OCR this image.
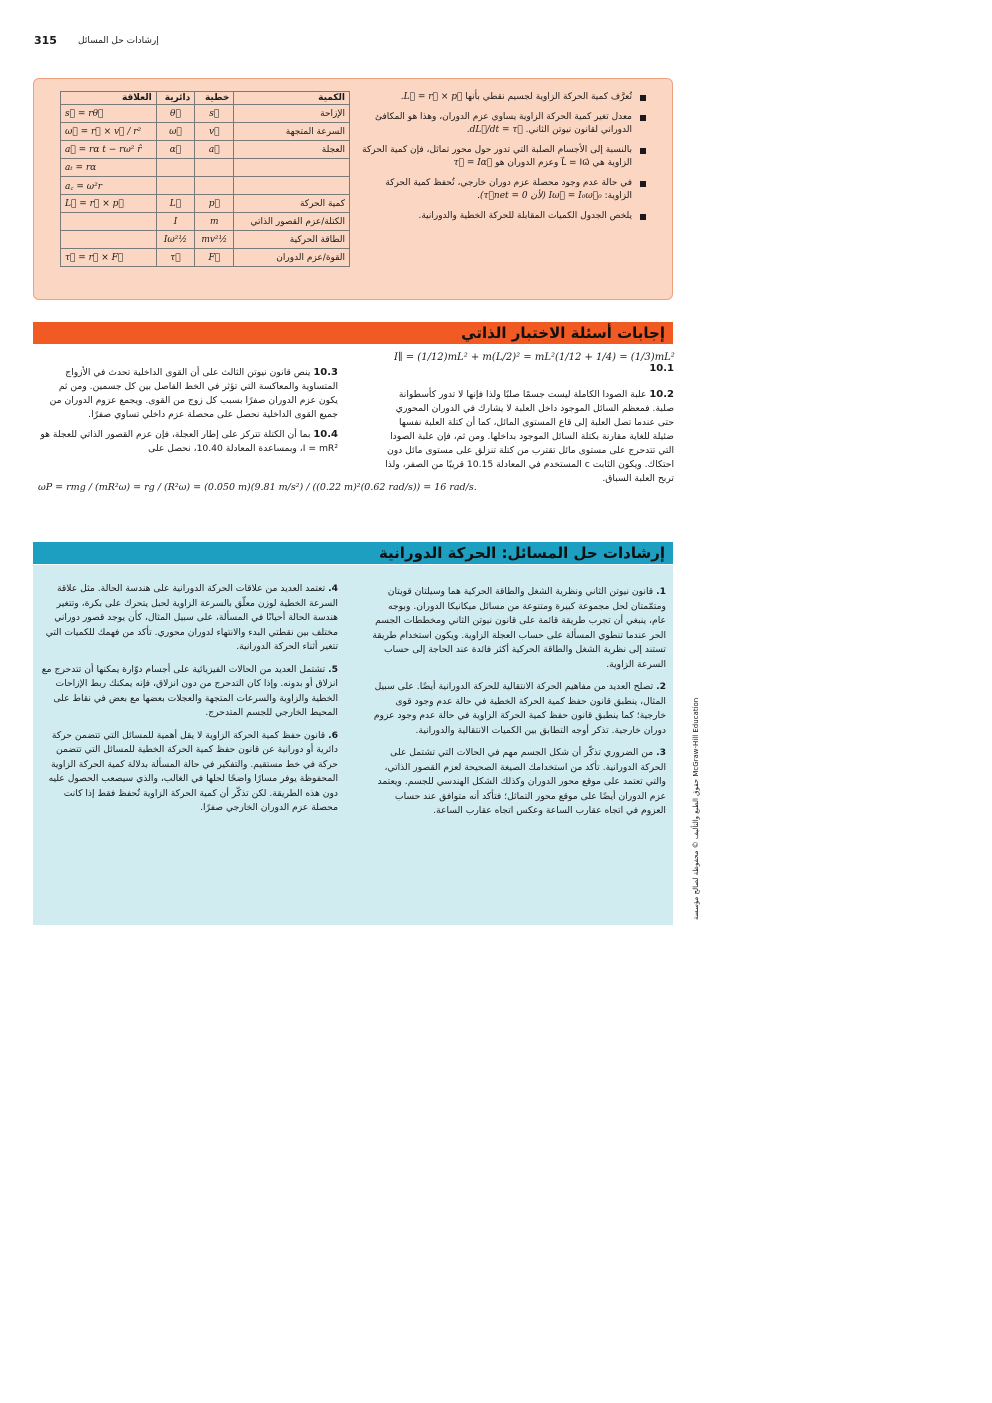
315 إرشادات حل المسائل
تُعرَّف كمية الحركة الزاوية لجسيم نقطي بأنها L⃗ = r⃗ × p⃗.
معدل تغير كمية الحركة الزاوية يساوي عزم الدوران، وهذا هو المكافئ الدوراني لقانون نيوتن الثاني. dL⃗/dt = τ⃗.
بالنسبة إلى الأجسام الصلبة التي تدور حول محور تماثل، فإن كمية الحركة الزاوية هي L⃗ = Iω⃗ وعزم الدوران هو τ⃗ = Iα⃗
في حالة عدم وجود محصلة عزم دوران خارجي، تُحفظ كمية الحركة الزاوية: Iω⃗ = I₀ω⃗₀ (لأن τ⃗net = 0).
يلخص الجدول الكميات المقابلة للحركة الخطية والدورانية.
الكمية	خطية	دائرية	العلاقة
الإزاحة	s⃗	θ⃗	s⃗ = rθ⃗
السرعة المتجهة	v⃗	ω⃗	ω⃗ = r⃗ × v⃗ / r²
العجلة	a⃗	α⃗	a⃗ = rα t − rω² r̂
			aₜ = rα
			a꜀ = ω²r
كمية الحركة	p⃗	L⃗	L⃗ = r⃗ × p⃗
الكتلة/عزم القصور الذاتي	m	I	
الطاقة الحركية	½mv²	½Iω²	
القوة/عزم الدوران	F⃗	τ⃗	τ⃗ = r⃗ × F⃗
إجابات أسئلة الاختبار الذاتي
I∥ = (1/12)mL² + m(L/2)² = mL²(1/12 + 1/4) = (1/3)mL² 10.1
10.2 علبة الصودا الكاملة ليست جسمًا صلبًا ولذا فإنها لا تدور كأسطوانة صلبة. فمعظم السائل الموجود داخل العلبة لا يشارك في الدوران المحوري حتى عندما تصل العلبة إلى قاع المستوى المائل، كما أن كتلة العلبة نفسها ضئيلة للغاية مقارنة بكتلة السائل الموجود بداخلها. ومن ثم، فإن علبة الصودا التي تتدحرج على مستوى مائل تقترب من كتلة تنزلق على مستوى مائل دون احتكاك. ويكون الثابت c المستخدم في المعادلة 10.15 قريبًا من الصفر، ولذا تربح العلبة السباق.
10.3 ينص قانون نيوتن الثالث على أن القوى الداخلية تحدث في الأزواج المتساوية والمعاكسة التي تؤثر في الخط الفاصل بين كل جسمين. ومن ثم يكون عزم الدوران صفرًا بسبب كل زوج من القوى. ويجمع عزوم الدوران من جميع القوى الداخلية نحصل على محصلة عزم داخلي تساوي صفرًا.
10.4 بما أن الكتلة تتركز على إطار العجلة، فإن عزم القصور الذاتي للعجلة هو I = mR²، وبمساعدة المعادلة 10.40، نحصل على
ωP = rmg / (mR²ω) = rg / (R²ω) = (0.050 m)(9.81 m/s²) / ((0.22 m)²(0.62 rad/s)) = 16 rad/s.
إرشادات حل المسائل: الحركة الدورانية

1. قانون نيوتن الثاني ونظرية الشغل والطاقة الحركية هما وسيلتان قويتان ومتمّمتان لحل مجموعة كبيرة ومتنوعة من مسائل ميكانيكا الدوران. وبوجه عام، ينبغي أن تجرب طريقة قائمة على قانون نيوتن الثاني ومخططات الجسم الحر عندما تنطوي المسألة على حساب العجلة الزاوية. ويكون استخدام طريقة تستند إلى نظرية الشغل والطاقة الحركية أكثر فائدة عند الحاجة إلى حساب السرعة الزاوية.

2. تصلح العديد من مفاهيم الحركة الانتقالية للحركة الدورانية أيضًا. على سبيل المثال، ينطبق قانون حفظ كمية الحركة الخطية في حالة عدم وجود قوى خارجية؛ كما ينطبق قانون حفظ كمية الحركة الزاوية في حالة عدم وجود عزوم دوران خارجية. تذكر أوجه التطابق بين الكميات الانتقالية والدورانية.

3. من الضروري تذكّر أن شكل الجسم مهم في الحالات التي تشتمل على الحركة الدورانية. تأكد من استخدامك الصيغة الصحيحة لعزم القصور الذاتي، والتي تعتمد على موقع محور الدوران وكذلك الشكل الهندسي للجسم. ويعتمد عزم الدوران أيضًا على موقع محور التماثل؛ فتأكد أنه متوافق عند حساب العزوم في اتجاه عقارب الساعة وعكس اتجاه عقارب الساعة.

4. تعتمد العديد من علاقات الحركة الدورانية على هندسة الحالة. مثل علاقة السرعة الخطية لوزن معلّق بالسرعة الزاوية لحبل يتحرك على بكرة، وتتغير هندسة الحالة أحيانًا في المسألة، على سبيل المثال، كأن يوجد قصور دوراني مختلف بين نقطتي البدء والانتهاء لدوران محوري. تأكد من فهمك للكميات التي تتغير أثناء الحركة الدورانية.

5. تشتمل العديد من الحالات الفيزيائية على أجسام دوّارة يمكنها أن تتدحرج مع انزلاق أو بدونه. وإذا كان التدحرج من دون انزلاق، فإنه يمكنك ربط الإزاحات الخطية والزاوية والسرعات المتجهة والعجلات بعضها مع بعض في نقاط على المحيط الخارجي للجسم المتدحرج.

6. قانون حفظ كمية الحركة الزاوية لا يقل أهمية للمسائل التي تتضمن حركة دائرية أو دورانية عن قانون حفظ كمية الحركة الخطية للمسائل التي تتضمن حركة في خط مستقيم. والتفكير في حالة المسألة بدلالة كمية الحركة الزاوية المحفوظة يوفر مسارًا واضحًا لحلها في الغالب، والذي سيصعب الحصول عليه دون هذه الطريقة. لكن تذكّر أن كمية الحركة الزاوية تُحفظ فقط إذا كانت محصلة عزم الدوران الخارجي صفرًا.	حقوق الطبع والتأليف © محفوظة لصالح مؤسسة McGraw-Hill Education
